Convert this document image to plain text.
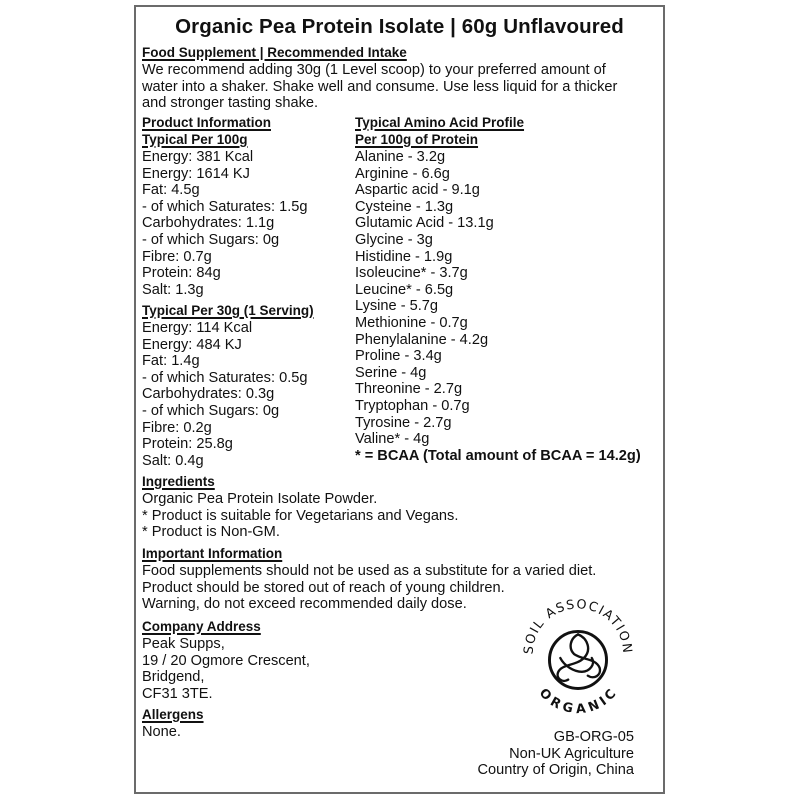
Organic Pea Protein Isolate | 60g Unflavoured
Food Supplement | Recommended Intake
We recommend adding 30g (1 Level scoop) to your preferred amount of
water into a shaker. Shake well and consume. Use less liquid for a thicker
and stronger tasting shake.
Product Information
Typical Per 100g
Energy: 381 Kcal
Energy: 1614 KJ
Fat: 4.5g
- of which Saturates: 1.5g
Carbohydrates: 1.1g
- of which Sugars: 0g
Fibre: 0.7g
Protein: 84g
Salt: 1.3g
Typical Per 30g (1 Serving)
Energy: 114 Kcal
Energy: 484 KJ
Fat: 1.4g
- of which Saturates: 0.5g
Carbohydrates: 0.3g
- of which Sugars: 0g
Fibre: 0.2g
Protein: 25.8g
Salt: 0.4g
Typical Amino Acid Profile
Per 100g of Protein
Alanine - 3.2g
Arginine - 6.6g
Aspartic acid - 9.1g
Cysteine - 1.3g
Glutamic Acid - 13.1g
Glycine - 3g
Histidine - 1.9g
Isoleucine* - 3.7g
Leucine* - 6.5g
Lysine - 5.7g
Methionine - 0.7g
Phenylalanine - 4.2g
Proline - 3.4g
Serine - 4g
Threonine - 2.7g
Tryptophan - 0.7g
Tyrosine - 2.7g
Valine* - 4g
* = BCAA (Total amount of BCAA = 14.2g)
Ingredients
Organic Pea Protein Isolate Powder.
* Product is suitable for Vegetarians and Vegans.
* Product is Non-GM.
Important Information
Food supplements should not be used as a substitute for a varied diet.
Product should be stored out of reach of young children.
Warning, do not exceed recommended daily dose.
Company Address
Peak Supps,
19 / 20 Ogmore Crescent,
Bridgend,
CF31 3TE.
Allergens
None.
SOIL ASSOCIATION
ORGANIC
GB-ORG-05
Non-UK Agriculture
Country of Origin, China
